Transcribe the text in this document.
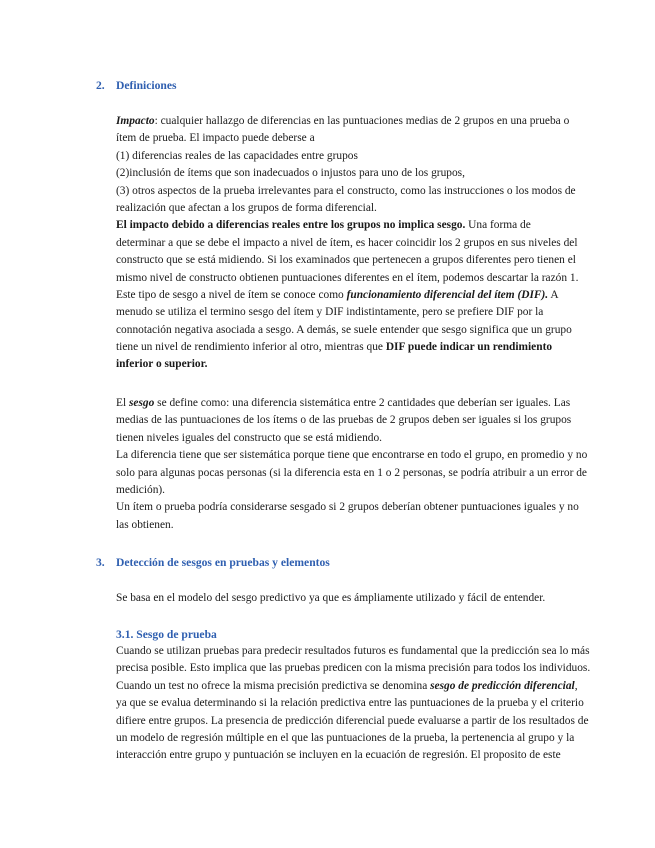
2. Definiciones
Impacto: cualquier hallazgo de diferencias en las puntuaciones medias de 2 grupos en una prueba o
ítem de prueba. El impacto puede deberse a
(1) diferencias reales de las capacidades entre grupos
(2)inclusión de ítems que son inadecuados o injustos para uno de los grupos,
(3) otros aspectos de la prueba irrelevantes para el constructo, como las instrucciones o los modos de
realización que afectan a los grupos de forma diferencial.
El impacto debido a diferencias reales entre los grupos no implica sesgo. Una forma de
determinar a que se debe el impacto a nivel de ítem, es hacer coincidir los 2 grupos en sus niveles del
constructo que se está midiendo. Si los examinados que pertenecen a grupos diferentes pero tienen el
mismo nivel de constructo obtienen puntuaciones diferentes en el ítem, podemos descartar la razón 1.
Este tipo de sesgo a nivel de ítem se conoce como funcionamiento diferencial del ítem (DIF). A
menudo se utiliza el termino sesgo del ítem y DIF indistintamente, pero se prefiere DIF por la
connotación negativa asociada a sesgo. A demás, se suele entender que sesgo significa que un grupo
tiene un nivel de rendimiento inferior al otro, mientras que DIF puede indicar un rendimiento
inferior o superior.
El sesgo se define como: una diferencia sistemática entre 2 cantidades que deberían ser iguales. Las
medias de las puntuaciones de los ítems o de las pruebas de 2 grupos deben ser iguales si los grupos
tienen niveles iguales del constructo que se está midiendo.
La diferencia tiene que ser sistemática porque tiene que encontrarse en todo el grupo, en promedio y no
solo para algunas pocas personas (si la diferencia esta en 1 o 2 personas, se podría atribuir a un error de
medición).
Un ítem o prueba podría considerarse sesgado si 2 grupos deberían obtener puntuaciones iguales y no
las obtienen.
3. Detección de sesgos en pruebas y elementos
Se basa en el modelo del sesgo predictivo ya que es ámpliamente utilizado y fácil de entender.
3.1. Sesgo de prueba
Cuando se utilizan pruebas para predecir resultados futuros es fundamental que la predicción sea lo más
precisa posible. Esto implica que las pruebas predicen con la misma precisión para todos los individuos.
Cuando un test no ofrece la misma precisión predictiva se denomina sesgo de predicción diferencial,
ya que se evalua determinando si la relación predictiva entre las puntuaciones de la prueba y el criterio
difiere entre grupos. La presencia de predicción diferencial puede evaluarse a partir de los resultados de
un modelo de regresión múltiple en el que las puntuaciones de la prueba, la pertenencia al grupo y la
interacción entre grupo y puntuación se incluyen en la ecuación de regresión. El proposito de este
